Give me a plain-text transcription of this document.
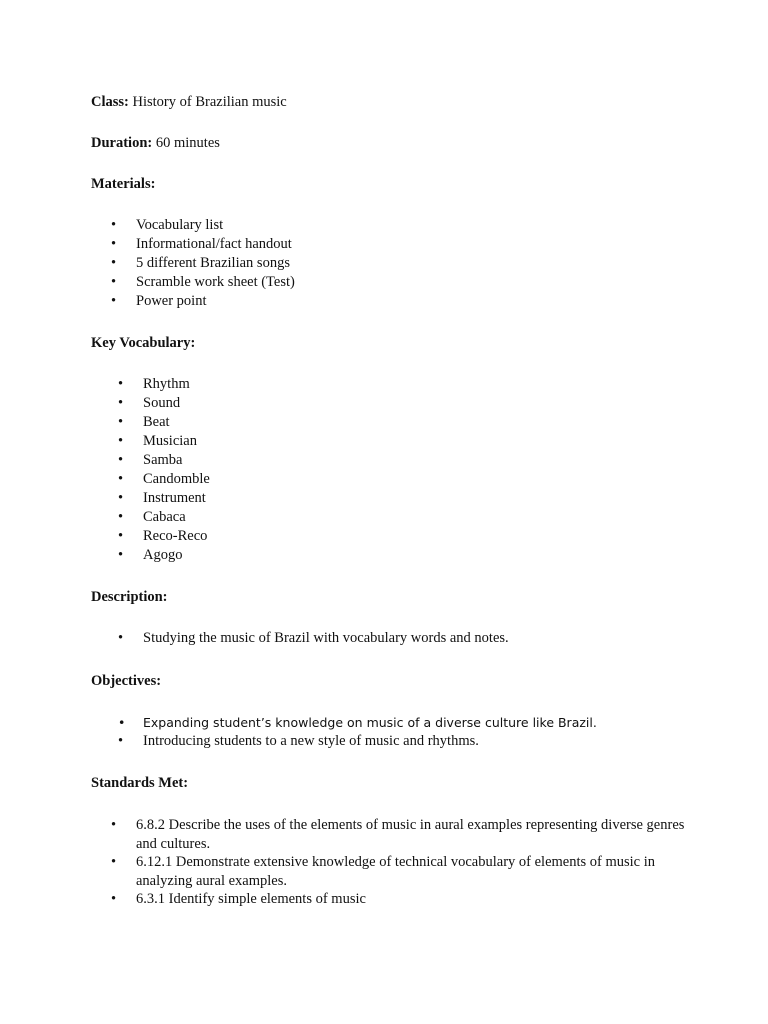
Class: History of Brazilian music
Duration: 60 minutes
Materials:
• Vocabulary list
• Informational/fact handout
• 5 different Brazilian songs
• Scramble work sheet (Test)
• Power point
Key Vocabulary:
• Rhythm
• Sound
• Beat
• Musician
• Samba
• Candomble
• Instrument
• Cabaca
• Reco-Reco
• Agogo
Description:
• Studying the music of Brazil with vocabulary words and notes.
Objectives:
• Expanding student’s knowledge on music of a diverse culture like Brazil.
• Introducing students to a new style of music and rhythms.
Standards Met:
• 6.8.2 Describe the uses of the elements of music in aural examples representing diverse genres and cultures.
• 6.12.1 Demonstrate extensive knowledge of technical vocabulary of elements of music in analyzing aural examples.
• 6.3.1 Identify simple elements of music
